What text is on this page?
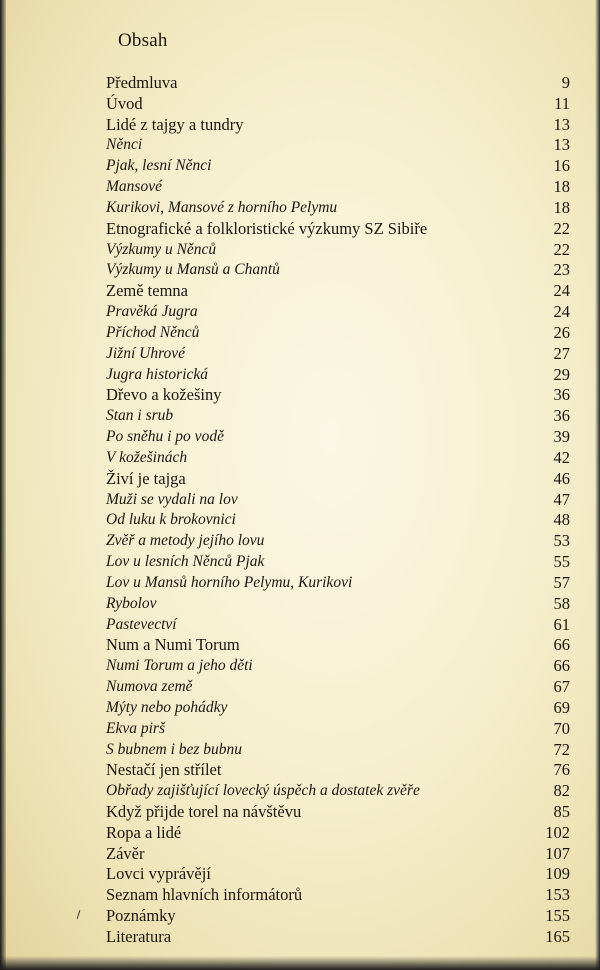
Obsah
Předmluva	9
Úvod	11
Lidé z tajgy a tundry	13
Něnci	13
Pjak, lesní Něnci	16
Mansové	18
Kurikovi, Mansové z horního Pelymu	18
Etnografické a folkloristické výzkumy SZ Sibiře	22
Výzkumy u Něnců	22
Výzkumy u Mansů a Chantů	23
Země temna	24
Pravěká Jugra	24
Příchod Něnců	26
Jižní Uhrové	27
Jugra historická	29
Dřevo a kožešiny	36
Stan i srub	36
Po sněhu i po vodě	39
V kožešinách	42
Živí je tajga	46
Muži se vydali na lov	47
Od luku k brokovnici	48
Zvěř a metody jejího lovu	53
Lov u lesních Něnců Pjak	55
Lov u Mansů horního Pelymu, Kurikovi	57
Rybolov	58
Pastevectví	61
Num a Numi Torum	66
Numi Torum a jeho děti	66
Numova země	67
Mýty nebo pohádky	69
Ekva pirš	70
S bubnem i bez bubnu	72
Nestačí jen střílet	76
Obřady zajišťující lovecký úspěch a dostatek zvěře	82
Když přijde torel na návštěvu	85
Ropa a lidé	102
Závěr	107
Lovci vyprávějí	109
Seznam hlavních informátorů	153
Poznámky	155
Literatura	165
